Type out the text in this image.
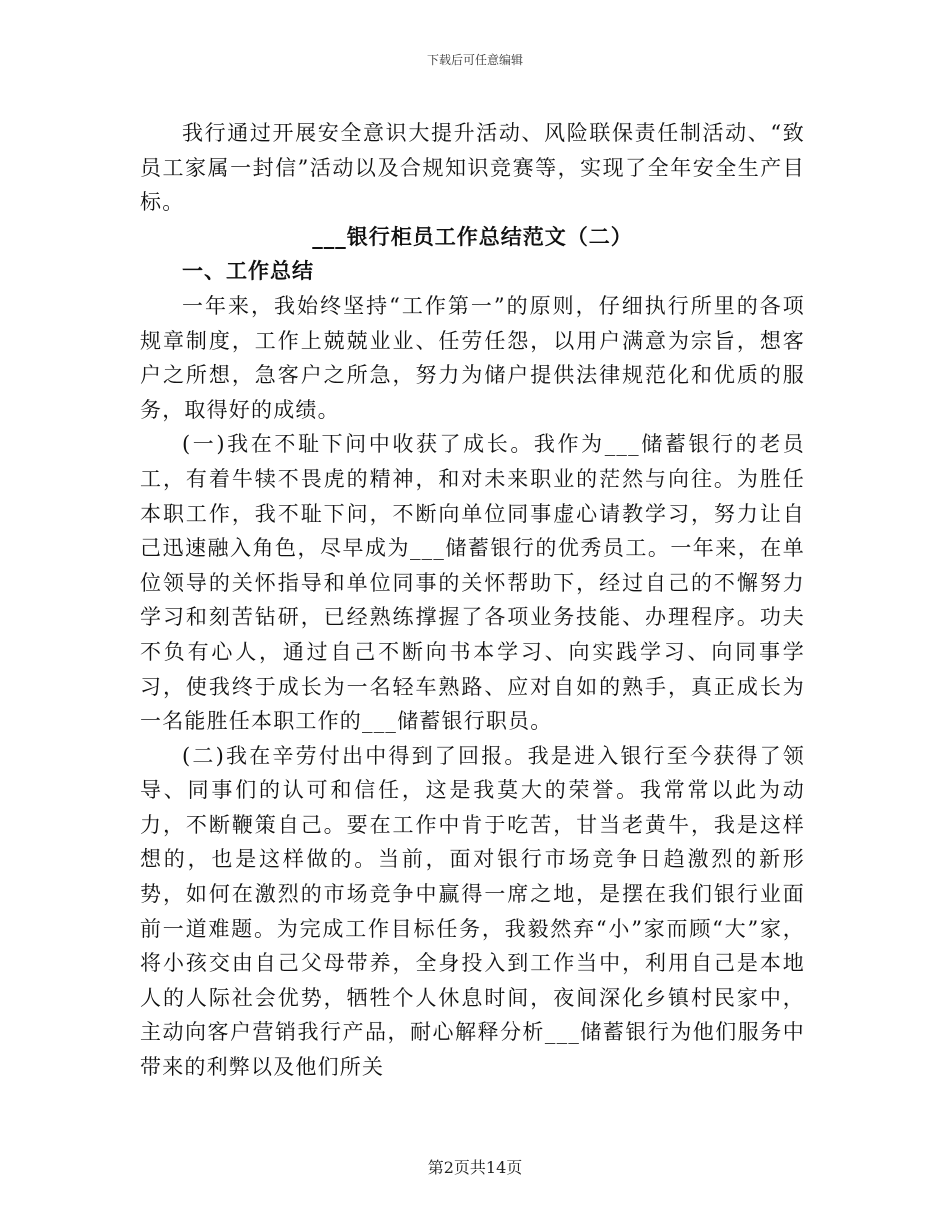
下载后可任意编辑

我行通过开展安全意识大提升活动、风险联保责任制活动、“致员工家属一封信”活动以及合规知识竞赛等，实现了全年安全生产目标。

___银行柜员工作总结范文（二）

一、工作总结

一年来，我始终坚持“工作第一”的原则，仔细执行所里的各项规章制度，工作上兢兢业业、任劳任怨，以用户满意为宗旨，想客户之所想，急客户之所急，努力为储户提供法律规范化和优质的服务，取得好的成绩。

(一)我在不耻下问中收获了成长。我作为___储蓄银行的老员工，有着牛犊不畏虎的精神，和对未来职业的茫然与向往。为胜任本职工作，我不耻下问，不断向单位同事虚心请教学习，努力让自己迅速融入角色，尽早成为___储蓄银行的优秀员工。一年来，在单位领导的关怀指导和单位同事的关怀帮助下，经过自己的不懈努力学习和刻苦钻研，已经熟练撑握了各项业务技能、办理程序。功夫不负有心人，通过自己不断向书本学习、向实践学习、向同事学习，使我终于成长为一名轻车熟路、应对自如的熟手，真正成长为一名能胜任本职工作的___储蓄银行职员。

(二)我在辛劳付出中得到了回报。我是进入银行至今获得了领导、同事们的认可和信任，这是我莫大的荣誉。我常常以此为动力，不断鞭策自己。要在工作中肯于吃苦，甘当老黄牛，我是这样想的，也是这样做的。当前，面对银行市场竞争日趋激烈的新形势，如何在激烈的市场竞争中赢得一席之地，是摆在我们银行业面前一道难题。为完成工作目标任务，我毅然弃“小”家而顾“大”家，将小孩交由自己父母带养，全身投入到工作当中，利用自己是本地人的人际社会优势，牺牲个人休息时间，夜间深化乡镇村民家中，主动向客户营销我行产品，耐心解释分析___储蓄银行为他们服务中带来的利弊以及他们所关

第2页共14页
